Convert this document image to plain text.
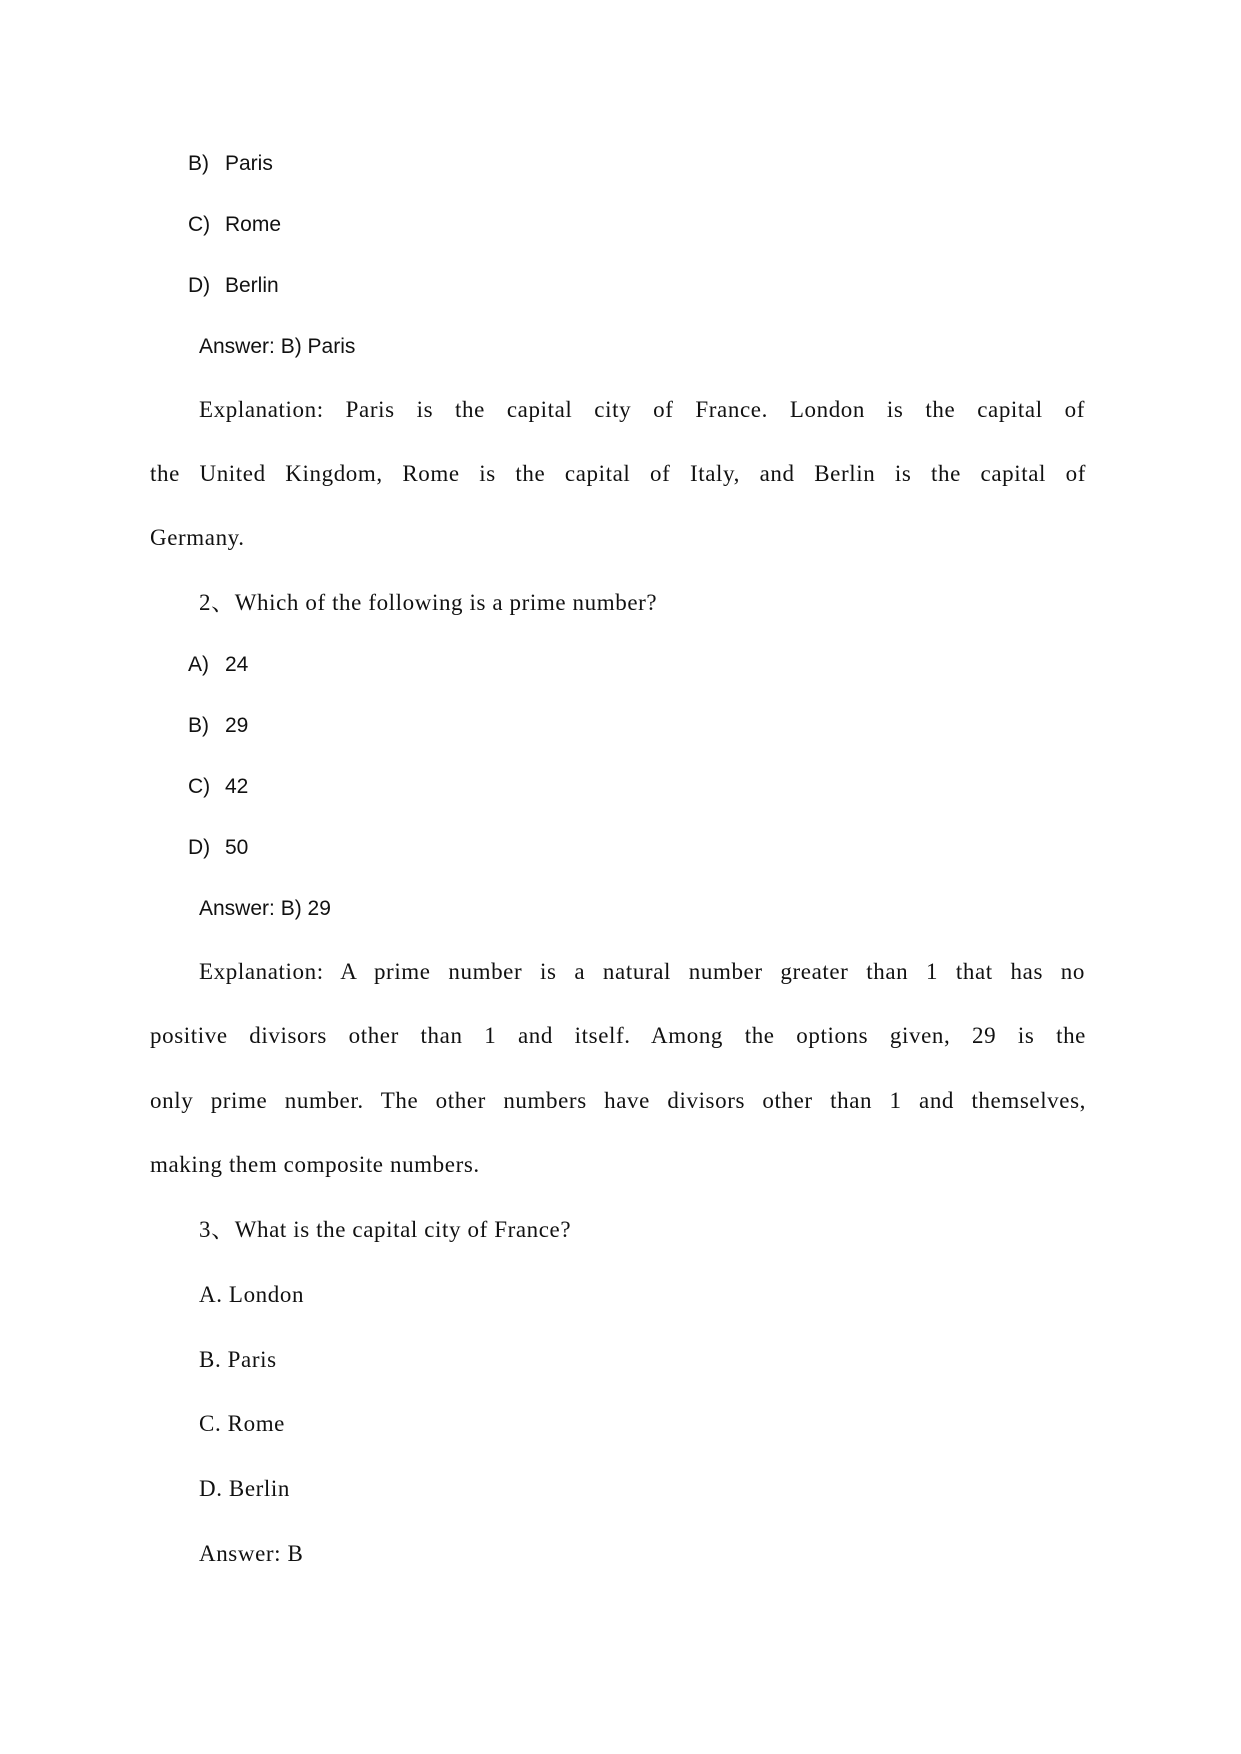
B) Paris
C) Rome
D) Berlin
Answer: B) Paris
Explanation: Paris is the capital city of France. London is the capital of
the United Kingdom, Rome is the capital of Italy, and Berlin is the capital of
Germany.
2、Which of the following is a prime number?
A) 24
B) 29
C) 42
D) 50
Answer: B) 29
Explanation: A prime number is a natural number greater than 1 that has no
positive divisors other than 1 and itself. Among the options given, 29 is the
only prime number. The other numbers have divisors other than 1 and themselves,
making them composite numbers.
3、What is the capital city of France?
A. London
B. Paris
C. Rome
D. Berlin
Answer: B
